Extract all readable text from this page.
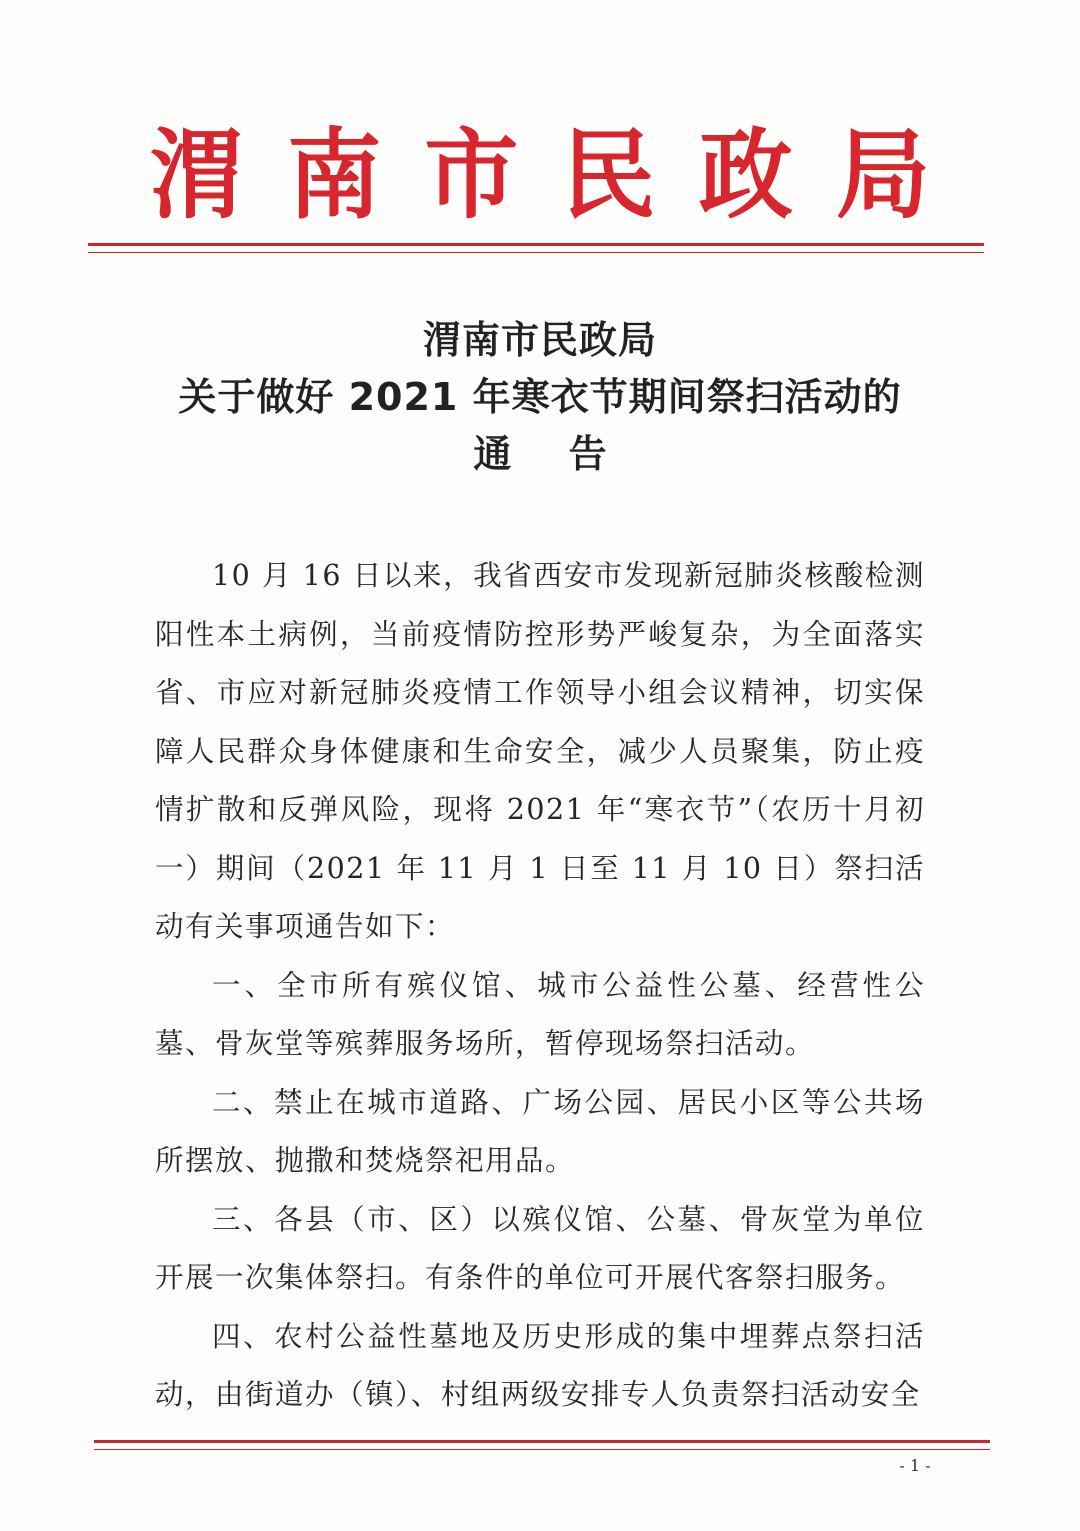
渭 南 市 民 政 局
渭南市民政局
关于做好 2021 年寒衣节期间祭扫活动的
通 告

10 月 16 日以来，我省西安市发现新冠肺炎核酸检测阳性本土病例，当前疫情防控形势严峻复杂，为全面落实省、市应对新冠肺炎疫情工作领导小组会议精神，切实保障人民群众身体健康和生命安全，减少人员聚集，防止疫情扩散和反弹风险，现将 2021 年“寒衣节”（农历十月初一）期间（2021 年 11 月 1 日至 11 月 10 日）祭扫活动有关事项通告如下：

一、全市所有殡仪馆、城市公益性公墓、经营性公墓、骨灰堂等殡葬服务场所，暂停现场祭扫活动。

二、禁止在城市道路、广场公园、居民小区等公共场所摆放、抛撒和焚烧祭祀用品。

三、各县（市、区）以殡仪馆、公墓、骨灰堂为单位开展一次集体祭扫。有条件的单位可开展代客祭扫服务。

四、农村公益性墓地及历史形成的集中埋葬点祭扫活动，由街道办（镇）、村组两级安排专人负责祭扫活动安全

- 1 -
